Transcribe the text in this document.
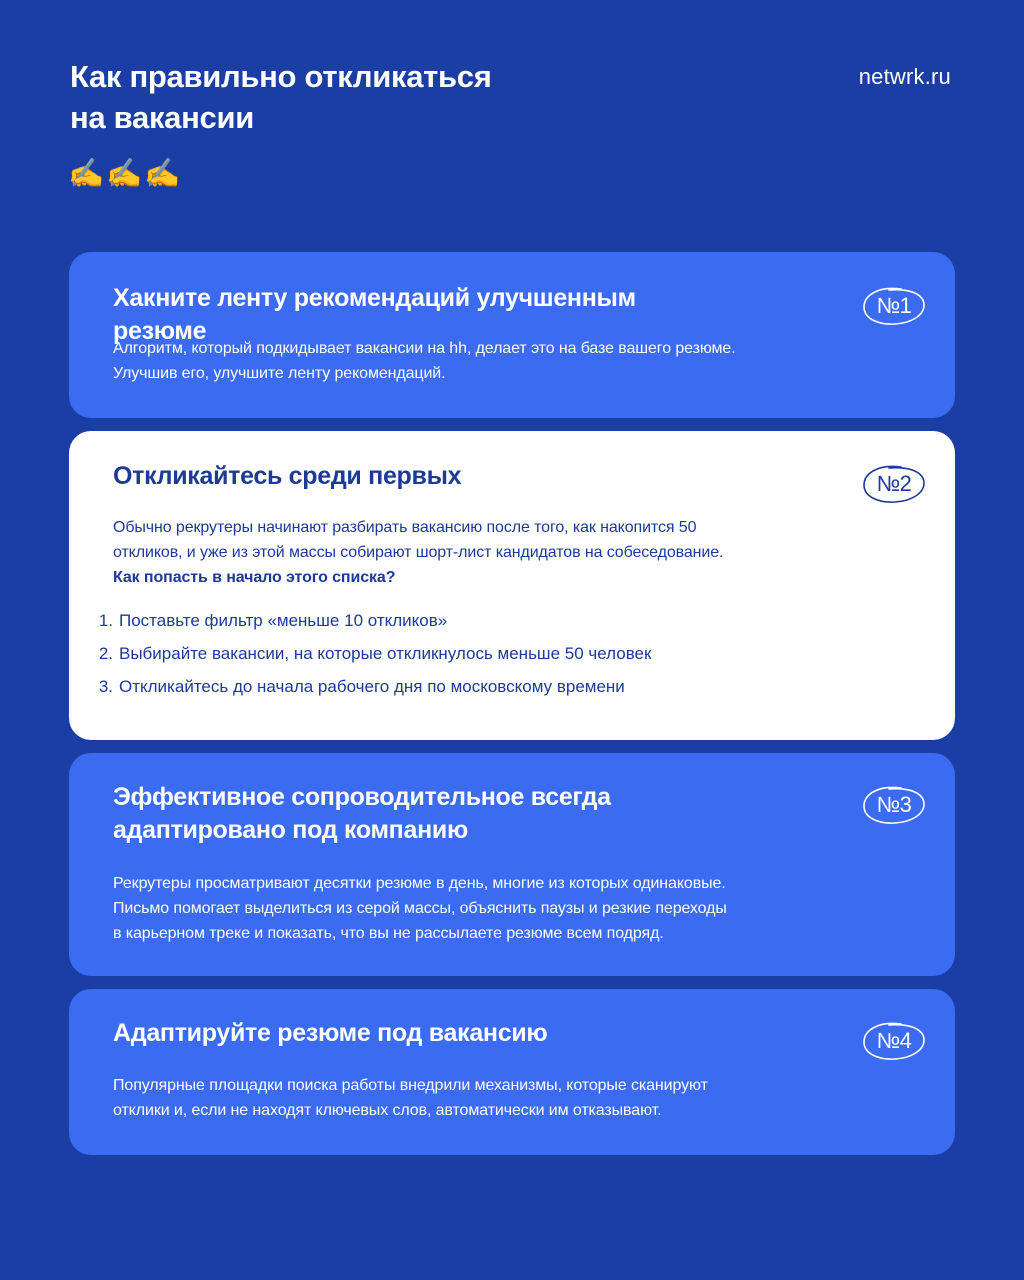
Как правильно откликаться
на вакансии
netwrk.ru
✍️✍️✍️
Хакните ленту рекомендаций улучшенным резюме
№1

Алгоритм, который подкидывает вакансии на hh, делает это на базе вашего резюме.
Улучшив его, улучшите ленту рекомендаций.

Откликайтесь среди первых	№2

Обычно рекрутеры начинают разбирать вакансию после того, как накопится 50
откликов, и уже из этой массы собирают шорт-лист кандидатов на собеседование.
Как попасть в начало этого списка?

1. Поставьте фильтр «меньше 10 откликов»
2. Выбирайте вакансии, на которые откликнулось меньше 50 человек
3. Откликайтесь до начала рабочего дня по московскому времени
Эффективное сопроводительное всегда
адаптировано под компанию
№3

Рекрутеры просматривают десятки резюме в день, многие из которых одинаковые.
Письмо помогает выделиться из серой массы, объяснить паузы и резкие переходы
в карьерном треке и показать, что вы не рассылаете резюме всем подряд.

Адаптируйте резюме под вакансию	№4

Популярные площадки поиска работы внедрили механизмы, которые сканируют
отклики и, если не находят ключевых слов, автоматически им отказывают.
